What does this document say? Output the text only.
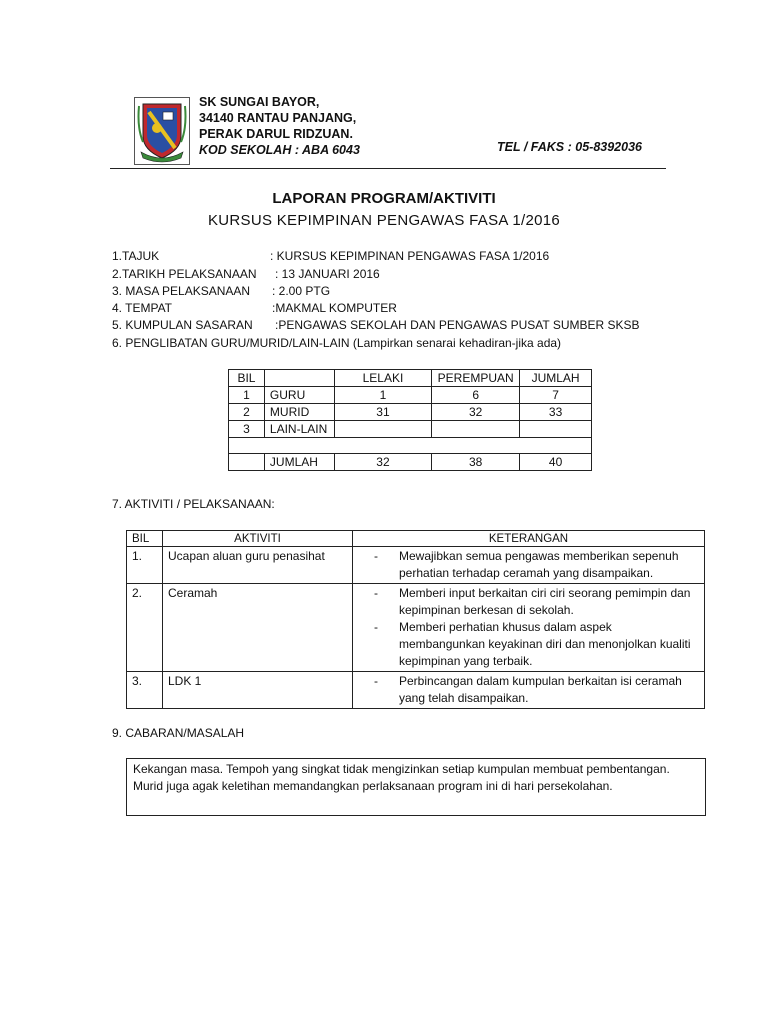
SK SUNGAI BAYOR,
34140 RANTAU PANJANG,
PERAK DARUL RIDZUAN.
KOD SEKOLAH : ABA 6043	TEL / FAKS : 05-8392036
LAPORAN PROGRAM/AKTIVITI
KURSUS KEPIMPINAN PENGAWAS FASA 1/2016
1.TAJUK	: KURSUS KEPIMPINAN PENGAWAS FASA 1/2016
2.TARIKH PELAKSANAAN : 13 JANUARI 2016
3. MASA PELAKSANAAN : 2.00 PTG
4. TEMPAT	:MAKMAL KOMPUTER
5. KUMPULAN SASARAN :PENGAWAS SEKOLAH DAN PENGAWAS PUSAT SUMBER SKSB
6. PENGLIBATAN GURU/MURID/LAIN-LAIN (Lampirkan senarai kehadiran-jika ada)
BIL		LELAKI	PEREMPUAN	JUMLAH
1	GURU	1	6	7
2	MURID	31	32	33
3	LAIN-LAIN			

	JUMLAH	32	38	40
7. AKTIVITI / PELAKSANAAN:
BIL	AKTIVITI	KETERANGAN
1.	Ucapan aluan guru penasihat	- Mewajibkan semua pengawas memberikan sepenuh perhatian terhadap ceramah yang disampaikan.

2.	Ceramah	- Memberi input berkaitan ciri ciri seorang pemimpin dan kepimpinan berkesan di sekolah.
- Memberi perhatian khusus dalam aspek membangunkan keyakinan diri dan menonjolkan kualiti kepimpinan yang terbaik.

3.	LDK 1	- Perbincangan dalam kumpulan berkaitan isi ceramah yang telah disampaikan.
9. CABARAN/MASALAH
Kekangan masa. Tempoh yang singkat tidak mengizinkan setiap kumpulan membuat pembentangan. Murid juga agak keletihan memandangkan perlaksanaan program ini di hari persekolahan.
